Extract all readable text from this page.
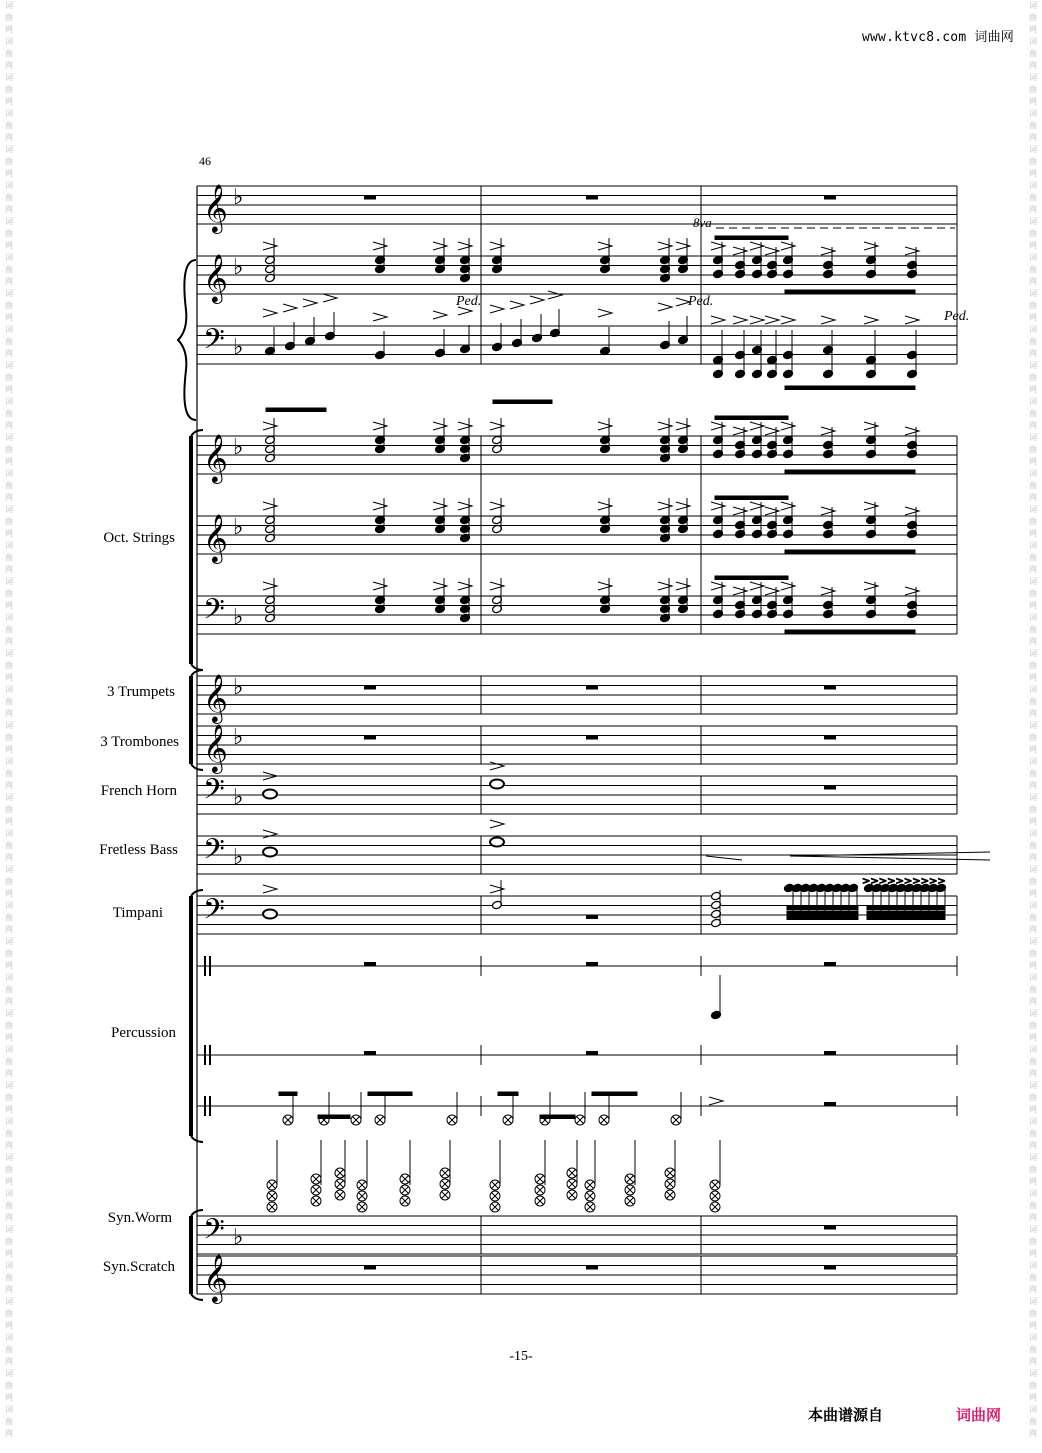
www.ktvc8.com 词曲网
词曲网 词曲网 词曲网 词曲网 词曲网 词曲网 词曲网 词曲网 词曲网 词曲网 词曲网 词曲网 词曲网 词曲网 词曲网 词曲网 词曲网 词曲网 词曲网 词曲网 词曲网 词曲网 词曲网 词曲网 词曲网 词曲网 词曲网 词曲网 词曲网 词曲网 词曲网 词曲网 词曲网 词曲网 词曲网 词曲网 词曲网 词曲网 词曲网 词曲网
词曲网 词曲网 词曲网 词曲网 词曲网 词曲网 词曲网 词曲网 词曲网 词曲网 词曲网 词曲网 词曲网 词曲网 词曲网 词曲网 词曲网 词曲网 词曲网 词曲网 词曲网 词曲网 词曲网 词曲网 词曲网 词曲网 词曲网 词曲网 词曲网 词曲网 词曲网 词曲网 词曲网 词曲网 词曲网 词曲网 词曲网 词曲网 词曲网 词曲网
46
Oct. Strings
3 Trumpets
3 Trombones
French Horn
Fretless Bass
Timpani
Percussion
Syn.Worm
Syn.Scratch
𝄞 ♭
𝄞 ♭
𝄢 ♭
𝄞 ♭
𝄞 ♭
𝄢 ♭
𝄞 ♭
𝄞 ♭
𝄢 ♭
𝄢 ♭
𝄢
𝄢 ♭
𝄞
>>>>>>>>>>
8va
Ped.	Ped.
Ped.
-15-
本曲谱源自	词曲网
